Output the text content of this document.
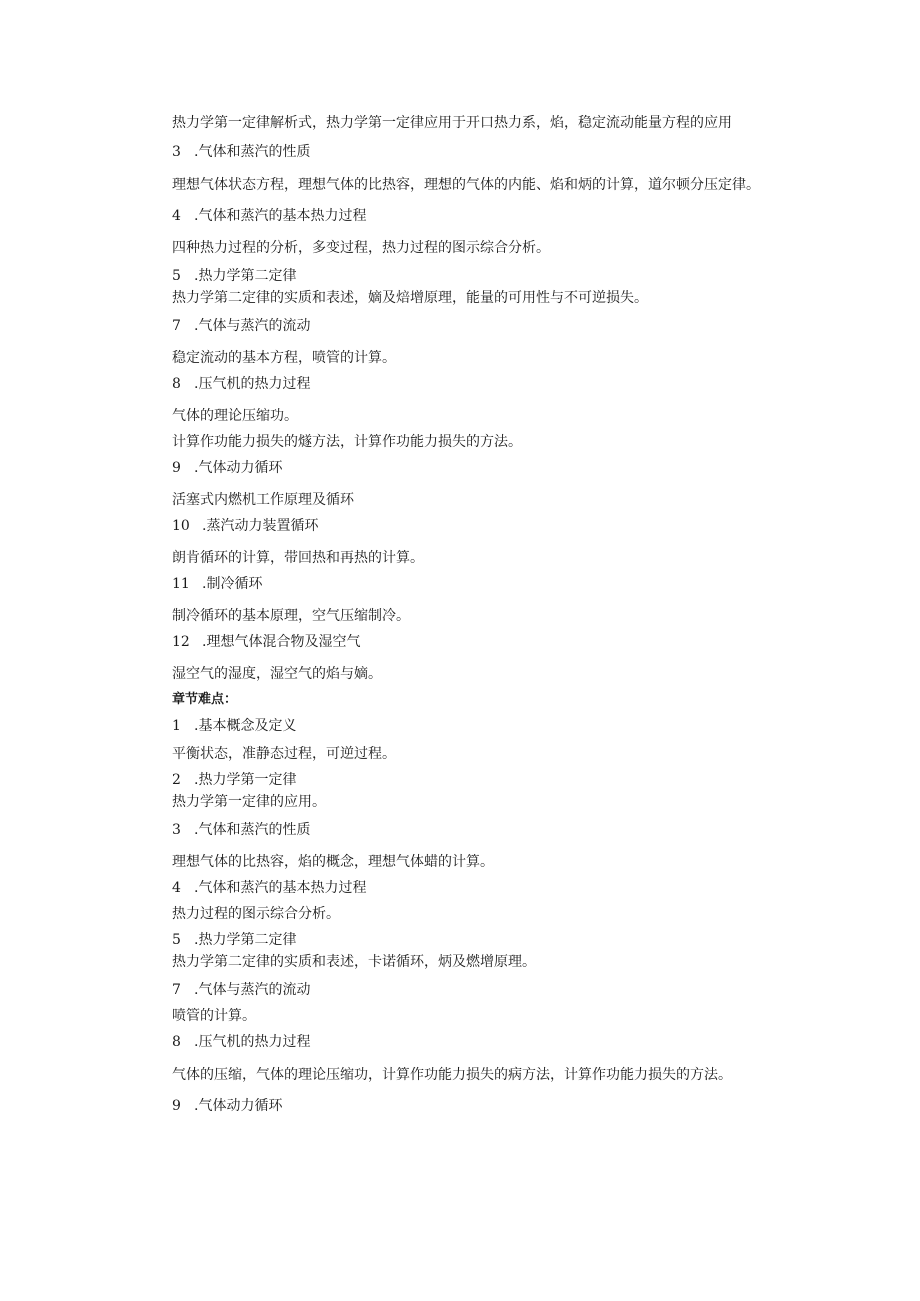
热力学第一定律解析式，热力学第一定律应用于开口热力系，焰，稳定流动能量方程的应用

3 .气体和蒸汽的性质

理想气体状态方程，理想气体的比热容，理想的气体的内能、焰和炳的计算，道尔顿分压定律。

4 .气体和蒸汽的基本热力过程

四种热力过程的分析，多变过程，热力过程的图示综合分析。

5 .热力学第二定律

热力学第二定律的实质和表述，嫡及焙增原理，能量的可用性与不可逆损失。

7 .气体与蒸汽的流动

稳定流动的基本方程，喷管的计算。

8 .压气机的热力过程

气体的理论压缩功。

计算作功能力损失的燧方法，计算作功能力损失的方法。

9 .气体动力循环

活塞式内燃机工作原理及循环

10 .蒸汽动力装置循环

朗肯循环的计算，带回热和再热的计算。

11 .制冷循环

制冷循环的基本原理，空气压缩制冷。

12 .理想气体混合物及湿空气

湿空气的湿度，湿空气的焰与嫡。

章节难点：

1 .基本概念及定义

平衡状态，准静态过程，可逆过程。

2 .热力学第一定律

热力学第一定律的应用。

3 .气体和蒸汽的性质

理想气体的比热容，焰的概念，理想气体蜡的计算。

4 .气体和蒸汽的基本热力过程

热力过程的图示综合分析。

5 .热力学第二定律

热力学第二定律的实质和表述，卡诺循环，炳及燃增原理。

7 .气体与蒸汽的流动

喷管的计算。

8 .压气机的热力过程

气体的压缩，气体的理论压缩功，计算作功能力损失的病方法，计算作功能力损失的方法。

9 .气体动力循环
